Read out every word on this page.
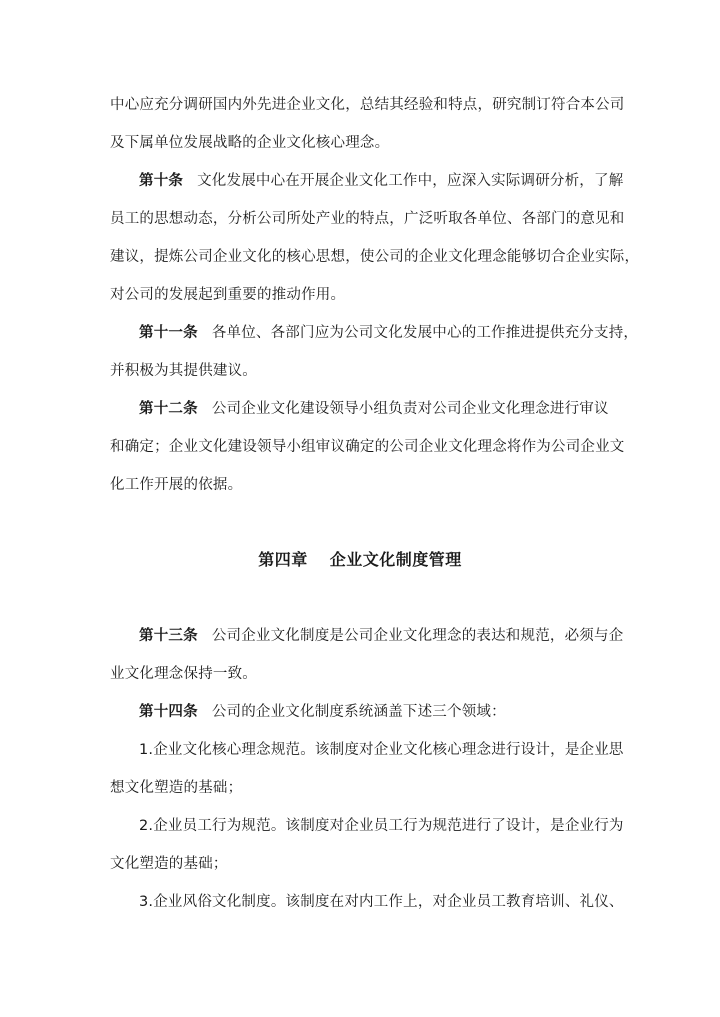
中心应充分调研国内外先进企业文化，总结其经验和特点，研究制订符合本公司
及下属单位发展战略的企业文化核心理念。
第十条 文化发展中心在开展企业文化工作中，应深入实际调研分析，了解
员工的思想动态，分析公司所处产业的特点，广泛听取各单位、各部门的意见和
建议，提炼公司企业文化的核心思想，使公司的企业文化理念能够切合企业实际，
对公司的发展起到重要的推动作用。
第十一条 各单位、各部门应为公司文化发展中心的工作推进提供充分支持，
并积极为其提供建议。
第十二条 公司企业文化建设领导小组负责对公司企业文化理念进行审议
和确定；企业文化建设领导小组审议确定的公司企业文化理念将作为公司企业文
化工作开展的依据。
第四章 企业文化制度管理
第十三条 公司企业文化制度是公司企业文化理念的表达和规范，必须与企
业文化理念保持一致。
第十四条 公司的企业文化制度系统涵盖下述三个领域：
1.企业文化核心理念规范。该制度对企业文化核心理念进行设计，是企业思
想文化塑造的基础；
2.企业员工行为规范。该制度对企业员工行为规范进行了设计，是企业行为
文化塑造的基础；
3.企业风俗文化制度。该制度在对内工作上，对企业员工教育培训、礼仪、
